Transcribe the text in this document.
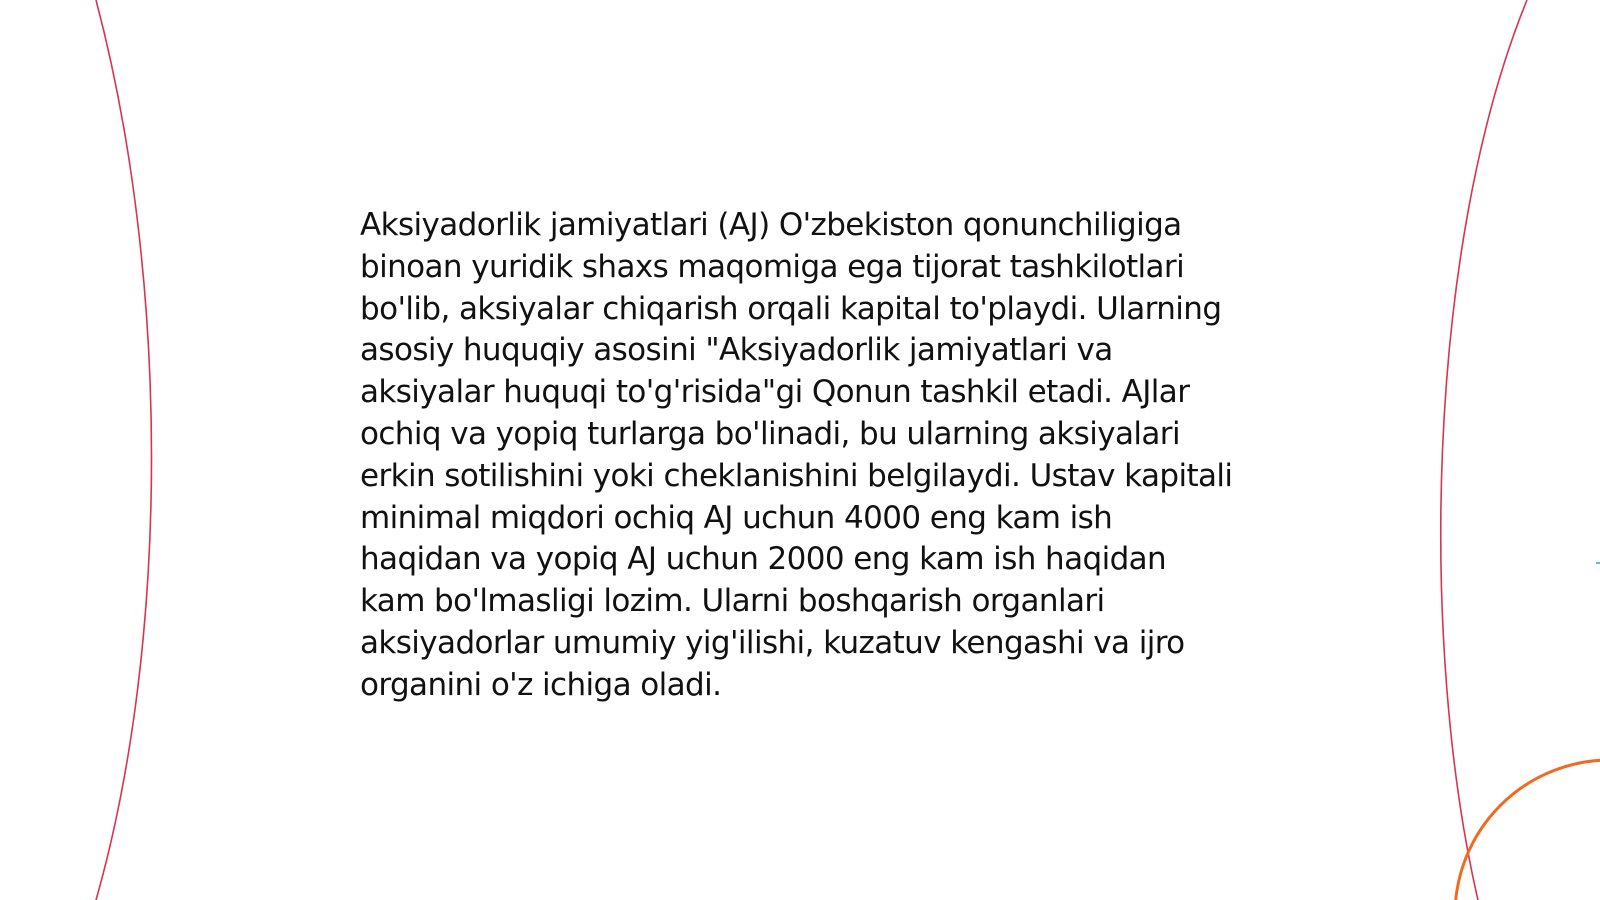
Aksiyadorlik jamiyatlari (AJ) O'zbekiston qonunchiligiga binoan yuridik shaxs maqomiga ega tijorat tashkilotlari bo'lib, aksiyalar chiqarish orqali kapital to'playdi. Ularning asosiy huquqiy asosini "Aksiyadorlik jamiyatlari va aksiyalar huquqi to'g'risida"gi Qonun tashkil etadi. AJlar ochiq va yopiq turlarga bo'linadi, bu ularning aksiyalari erkin sotilishini yoki cheklanishini belgilaydi. Ustav kapitali minimal miqdori ochiq AJ uchun 4000 eng kam ish haqidan va yopiq AJ uchun 2000 eng kam ish haqidan kam bo'lmasligi lozim. Ularni boshqarish organlari aksiyadorlar umumiy yig'ilishi, kuzatuv kengashi va ijro organini o'z ichiga oladi.
